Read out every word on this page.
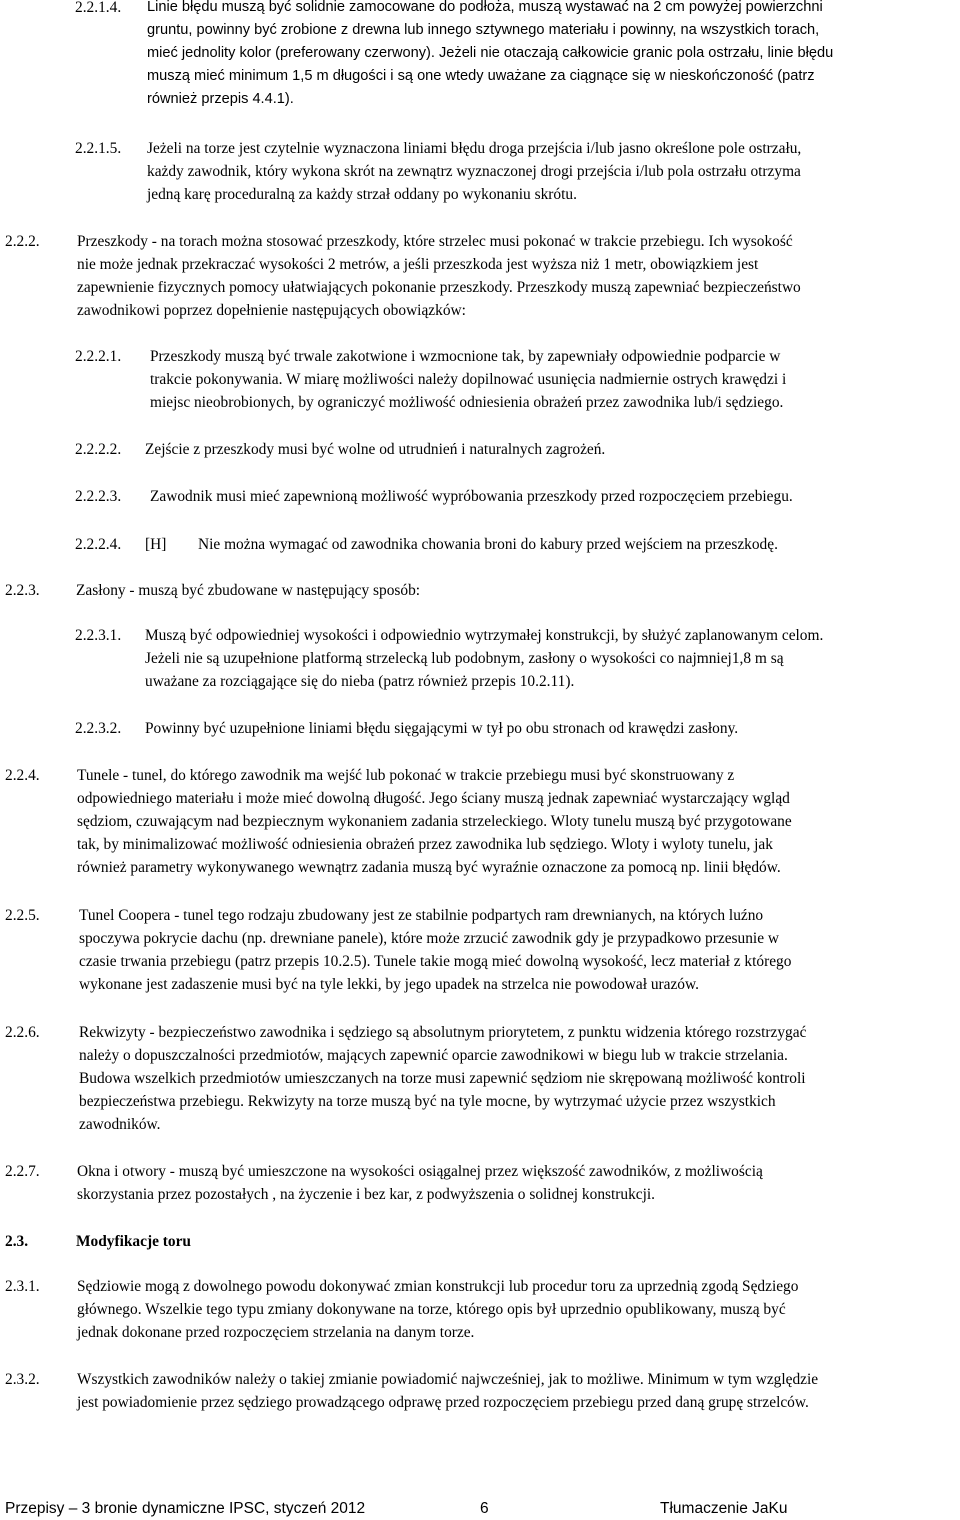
2.2.1.4. Linie błędu muszą być solidnie zamocowane do podłoża, muszą wystawać na 2 cm powyżej powierzchni
gruntu, powinny być zrobione z drewna lub innego sztywnego materiału i powinny, na wszystkich torach,
mieć jednolity kolor (preferowany czerwony). Jeżeli nie otaczają całkowicie granic pola ostrzału, linie błędu
muszą mieć minimum 1,5 m długości i są one wtedy uważane za ciągnące się w nieskończoność (patrz
również przepis 4.4.1).
2.2.1.5. Jeżeli na torze jest czytelnie wyznaczona liniami błędu droga przejścia i/lub jasno określone pole ostrzału,
każdy zawodnik, który wykona skrót na zewnątrz wyznaczonej drogi przejścia i/lub pola ostrzału otrzyma
jedną karę proceduralną za każdy strzał oddany po wykonaniu skrótu.
2.2.2. Przeszkody - na torach można stosować przeszkody, które strzelec musi pokonać w trakcie przebiegu. Ich wysokość
nie może jednak przekraczać wysokości 2 metrów, a jeśli przeszkoda jest wyższa niż 1 metr, obowiązkiem jest
zapewnienie fizycznych pomocy ułatwiających pokonanie przeszkody. Przeszkody muszą zapewniać bezpieczeństwo
zawodnikowi poprzez dopełnienie następujących obowiązków:
2.2.2.1. Przeszkody muszą być trwale zakotwione i wzmocnione tak, by zapewniały odpowiednie podparcie w
trakcie pokonywania. W miarę możliwości należy dopilnować usunięcia nadmiernie ostrych krawędzi i
miejsc nieobrobionych, by ograniczyć możliwość odniesienia obrażeń przez zawodnika lub/i sędziego.
2.2.2.2. Zejście z przeszkody musi być wolne od utrudnień i naturalnych zagrożeń.
2.2.2.3. Zawodnik musi mieć zapewnioną możliwość wypróbowania przeszkody przed rozpoczęciem przebiegu.
2.2.2.4. [H] Nie można wymagać od zawodnika chowania broni do kabury przed wejściem na przeszkodę.
2.2.3. Zasłony - muszą być zbudowane w następujący sposób:
2.2.3.1. Muszą być odpowiedniej wysokości i odpowiednio wytrzymałej konstrukcji, by służyć zaplanowanym celom.
Jeżeli nie są uzupełnione platformą strzelecką lub podobnym, zasłony o wysokości co najmniej1,8 m są
uważane za rozciągające się do nieba (patrz również przepis 10.2.11).
2.2.3.2. Powinny być uzupełnione liniami błędu sięgającymi w tył po obu stronach od krawędzi zasłony.
2.2.4. Tunele - tunel, do którego zawodnik ma wejść lub pokonać w trakcie przebiegu musi być skonstruowany z
odpowiedniego materiału i może mieć dowolną długość. Jego ściany muszą jednak zapewniać wystarczający wgląd
sędziom, czuwającym nad bezpiecznym wykonaniem zadania strzeleckiego. Wloty tunelu muszą być przygotowane
tak, by minimalizować możliwość odniesienia obrażeń przez zawodnika lub sędziego. Wloty i wyloty tunelu, jak
również parametry wykonywanego wewnątrz zadania muszą być wyraźnie oznaczone za pomocą np. linii błędów.
2.2.5.	Tunel Coopera - tunel tego rodzaju zbudowany jest ze stabilnie podpartych ram drewnianych, na których luźno
spoczywa pokrycie dachu (np. drewniane panele), które może zrzucić zawodnik gdy je przypadkowo przesunie w
czasie trwania przebiegu (patrz przepis 10.2.5). Tunele takie mogą mieć dowolną wysokość, lecz materiał z którego
wykonane jest zadaszenie musi być na tyle lekki, by jego upadek na strzelca nie powodował urazów.
2.2.6.	Rekwizyty - bezpieczeństwo zawodnika i sędziego są absolutnym priorytetem, z punktu widzenia którego rozstrzygać
należy o dopuszczalności przedmiotów, mających zapewnić oparcie zawodnikowi w biegu lub w trakcie strzelania.
Budowa wszelkich przedmiotów umieszczanych na torze musi zapewnić sędziom nie skrępowaną możliwość kontroli
bezpieczeństwa przebiegu. Rekwizyty na torze muszą być na tyle mocne, by wytrzymać użycie przez wszystkich
zawodników.
2.2.7. Okna i otwory - muszą być umieszczone na wysokości osiągalnej przez większość zawodników, z możliwością
skorzystania przez pozostałych , na życzenie i bez kar, z podwyższenia o solidnej konstrukcji.
2.3.	Modyfikacje toru
2.3.1. Sędziowie mogą z dowolnego powodu dokonywać zmian konstrukcji lub procedur toru za uprzednią zgodą Sędziego
głównego. Wszelkie tego typu zmiany dokonywane na torze, którego opis był uprzednio opublikowany, muszą być
jednak dokonane przed rozpoczęciem strzelania na danym torze.
2.3.2. Wszystkich zawodników należy o takiej zmianie powiadomić najwcześniej, jak to możliwe. Minimum w tym względzie
jest powiadomienie przez sędziego prowadzącego odprawę przed rozpoczęciem przebiegu przed daną grupę strzelców.
Przepisy – 3 bronie dynamiczne IPSC, styczeń 2012	6	Tłumaczenie JaKu
